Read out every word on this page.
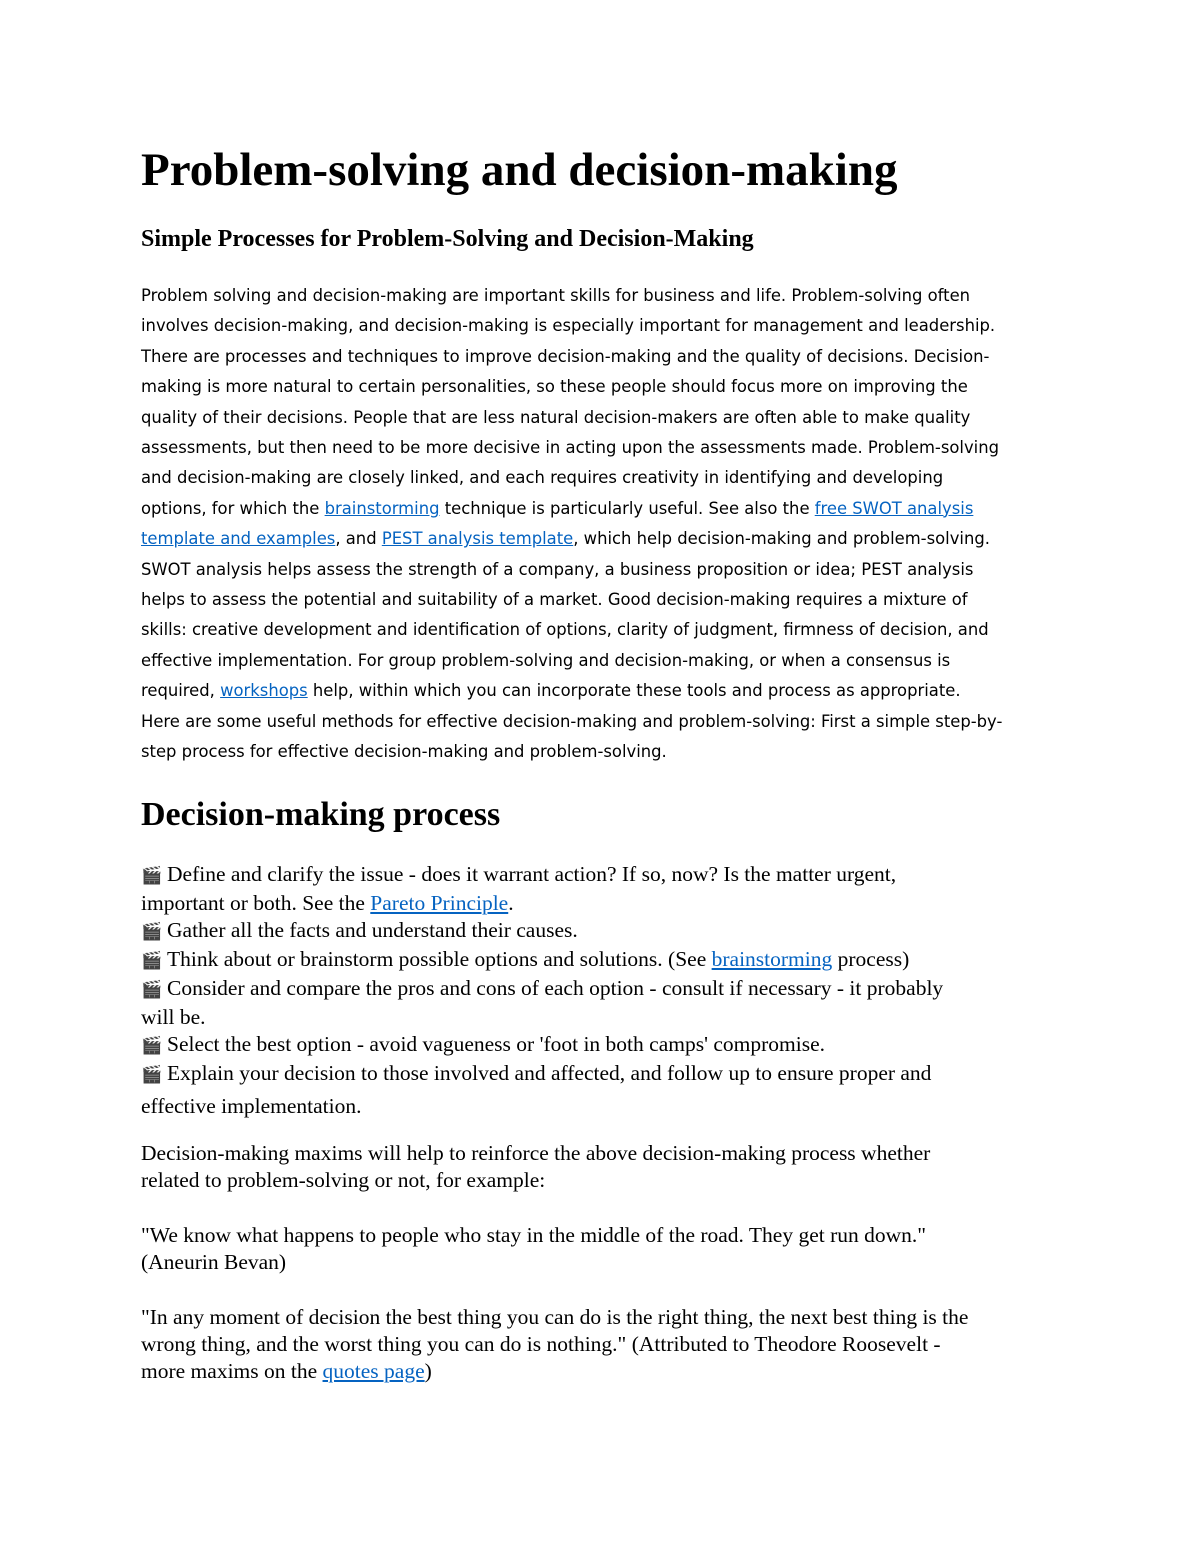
Problem-solving and decision-making
Simple Processes for Problem-Solving and Decision-Making
Problem solving and decision-making are important skills for business and life. Problem-solving often
involves decision-making, and decision-making is especially important for management and leadership.
There are processes and techniques to improve decision-making and the quality of decisions. Decision-
making is more natural to certain personalities, so these people should focus more on improving the
quality of their decisions. People that are less natural decision-makers are often able to make quality
assessments, but then need to be more decisive in acting upon the assessments made. Problem-solving
and decision-making are closely linked, and each requires creativity in identifying and developing
options, for which the brainstorming technique is particularly useful. See also the free SWOT analysis
template and examples, and PEST analysis template, which help decision-making and problem-solving.
SWOT analysis helps assess the strength of a company, a business proposition or idea; PEST analysis
helps to assess the potential and suitability of a market. Good decision-making requires a mixture of
skills: creative development and identification of options, clarity of judgment, firmness of decision, and
effective implementation. For group problem-solving and decision-making, or when a consensus is
required, workshops help, within which you can incorporate these tools and process as appropriate.
Here are some useful methods for effective decision-making and problem-solving: First a simple step-by-
step process for effective decision-making and problem-solving.
Decision-making process
🎬 Define and clarify the issue - does it warrant action? If so, now? Is the matter urgent,
important or both. See the Pareto Principle.
🎬 Gather all the facts and understand their causes.
🎬 Think about or brainstorm possible options and solutions. (See brainstorming process)
🎬 Consider and compare the pros and cons of each option - consult if necessary - it probably
will be.
🎬 Select the best option - avoid vagueness or 'foot in both camps' compromise.
🎬 Explain your decision to those involved and affected, and follow up to ensure proper and
effective implementation.
Decision-making maxims will help to reinforce the above decision-making process whether
related to problem-solving or not, for example:
"We know what happens to people who stay in the middle of the road. They get run down."
(Aneurin Bevan)
"In any moment of decision the best thing you can do is the right thing, the next best thing is the
wrong thing, and the worst thing you can do is nothing." (Attributed to Theodore Roosevelt -
more maxims on the quotes page)
